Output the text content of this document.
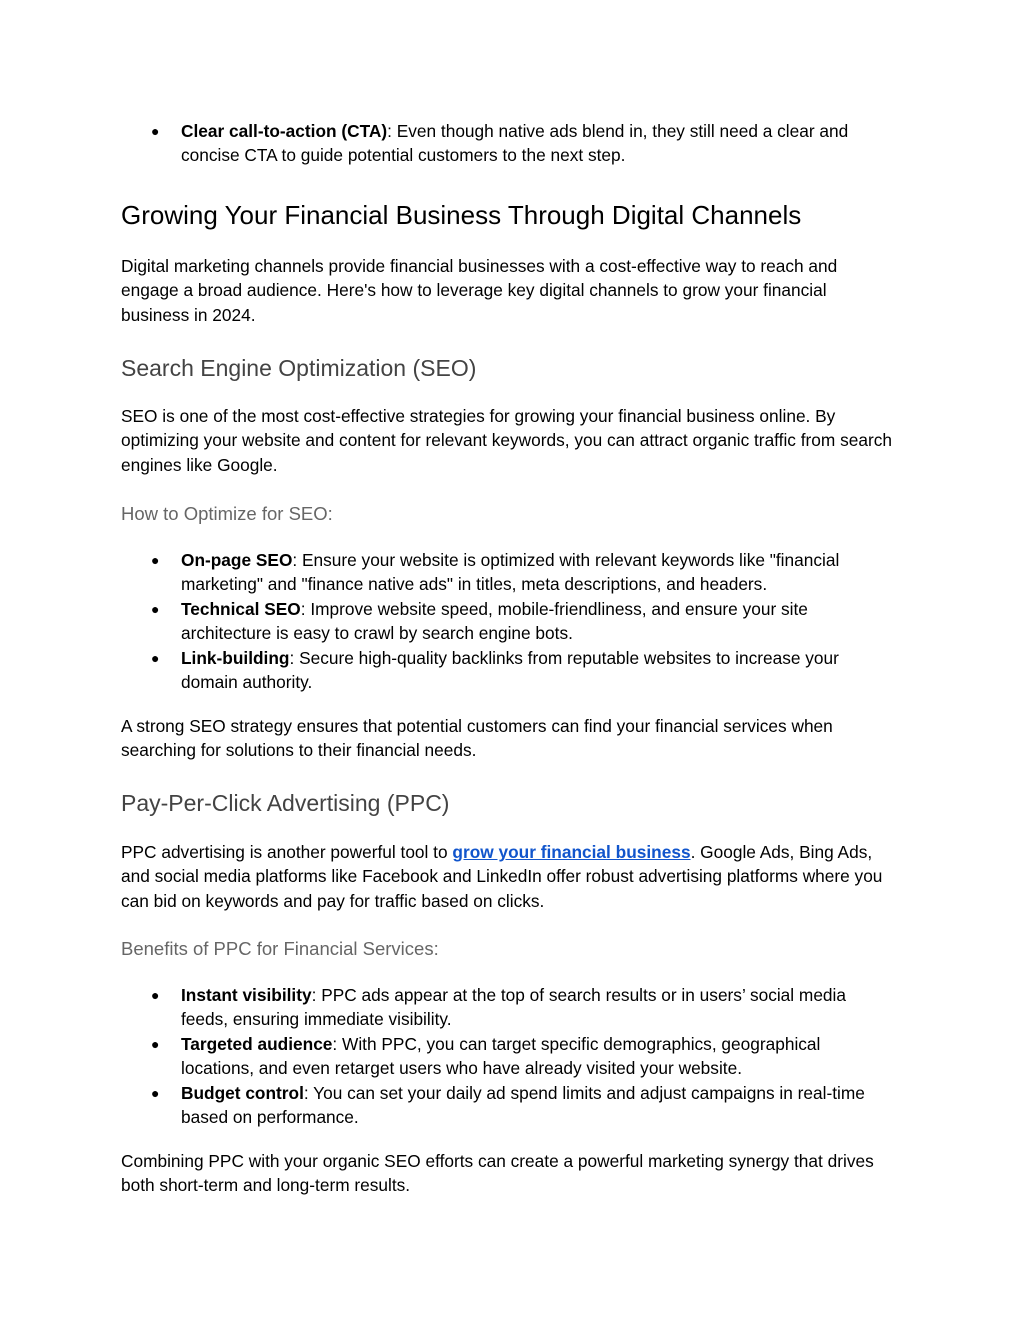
● Clear call-to-action (CTA): Even though native ads blend in, they still need a clear and concise CTA to guide potential customers to the next step.
Growing Your Financial Business Through Digital Channels

Digital marketing channels provide financial businesses with a cost-effective way to reach and engage a broad audience. Here's how to leverage key digital channels to grow your financial business in 2024.

Search Engine Optimization (SEO)

SEO is one of the most cost-effective strategies for growing your financial business online. By optimizing your website and content for relevant keywords, you can attract organic traffic from search engines like Google.

How to Optimize for SEO:
● On-page SEO: Ensure your website is optimized with relevant keywords like "financial marketing" and "finance native ads" in titles, meta descriptions, and headers.
● Technical SEO: Improve website speed, mobile-friendliness, and ensure your site architecture is easy to crawl by search engine bots.
● Link-building: Secure high-quality backlinks from reputable websites to increase your domain authority.

A strong SEO strategy ensures that potential customers can find your financial services when searching for solutions to their financial needs.

Pay-Per-Click Advertising (PPC)

PPC advertising is another powerful tool to grow your financial business. Google Ads, Bing Ads, and social media platforms like Facebook and LinkedIn offer robust advertising platforms where you can bid on keywords and pay for traffic based on clicks.

Benefits of PPC for Financial Services:
● Instant visibility: PPC ads appear at the top of search results or in users’ social media feeds, ensuring immediate visibility.
● Targeted audience: With PPC, you can target specific demographics, geographical locations, and even retarget users who have already visited your website.
● Budget control: You can set your daily ad spend limits and adjust campaigns in real-time based on performance.

Combining PPC with your organic SEO efforts can create a powerful marketing synergy that drives both short-term and long-term results.
